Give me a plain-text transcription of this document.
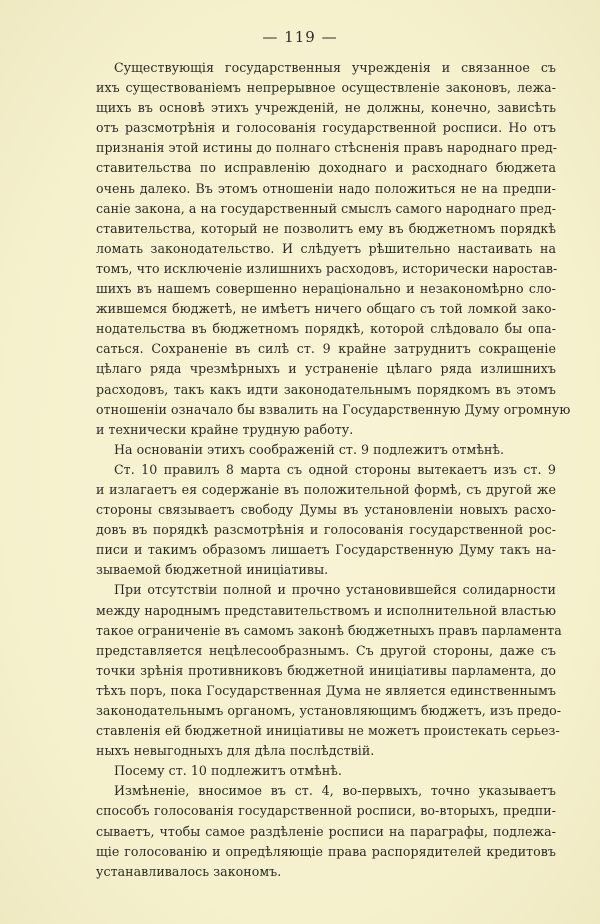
— 119 —
Существующія государственныя учрежденія и связанное съ
ихъ существованіемъ непрерывное осуществленіе законовъ, лежа-
щихъ въ основѣ этихъ учрежденій, не должны, конечно, зависѣть
отъ разсмотрѣнія и голосованія государственной росписи. Но отъ
признанія этой истины до полнаго стѣсненія правъ народнаго пред-
ставительства по исправленію доходнаго и расходнаго бюджета
очень далеко. Въ этомъ отношеніи надо положиться не на предпи-
саніе закона, а на государственный смыслъ самого народнаго пред-
ставительства, который не позволитъ ему въ бюджетномъ порядкѣ
ломать законодательство. И слѣдуетъ рѣшительно настаивать на
томъ, что исключеніе излишнихъ расходовъ, исторически наростав-
шихъ въ нашемъ совершенно нераціонально и незакономѣрно сло-
жившемся бюджетѣ, не имѣетъ ничего общаго съ той ломкой зако-
нодательства въ бюджетномъ порядкѣ, которой слѣдовало бы опа-
саться. Сохраненіе въ силѣ ст. 9 крайне затруднитъ сокращеніе
цѣлаго ряда чрезмѣрныхъ и устраненіе цѣлаго ряда излишнихъ
расходовъ, такъ какъ идти законодательнымъ порядкомъ въ этомъ
отношеніи означало бы взвалить на Государственную Думу огромную
и технически крайне трудную работу.
На основаніи этихъ соображеній ст. 9 подлежитъ отмѣнѣ.
Ст. 10 правилъ 8 марта съ одной стороны вытекаетъ изъ ст. 9
и излагаетъ ея содержаніе въ положительной формѣ, съ другой же
стороны связываетъ свободу Думы въ установленіи новыхъ расхо-
довъ въ порядкѣ разсмотрѣнія и голосованія государственной рос-
писи и такимъ образомъ лишаетъ Государственную Думу такъ на-
зываемой бюджетной иниціативы.
При отсутствіи полной и прочно установившейся солидарности
между народнымъ представительствомъ и исполнительной властью
такое ограниченіе въ самомъ законѣ бюджетныхъ правъ парламента
представляется нецѣлесообразнымъ. Съ другой стороны, даже съ
точки зрѣнія противниковъ бюджетной иниціативы парламента, до
тѣхъ поръ, пока Государственная Дума не является единственнымъ
законодательнымъ органомъ, установляющимъ бюджетъ, изъ предо-
ставленія ей бюджетной иниціативы не можетъ проистекать серьез-
ныхъ невыгодныхъ для дѣла послѣдствій.
Посему ст. 10 подлежитъ отмѣнѣ.
Измѣненіе, вносимое въ ст. 4, во-первыхъ, точно указываетъ
способъ голосованія государственной росписи, во-вторыхъ, предпи-
сываетъ, чтобы самое раздѣленіе росписи на параграфы, подлежа-
щіе голосованію и опредѣляющіе права распорядителей кредитовъ
устанавливалось закономъ.
